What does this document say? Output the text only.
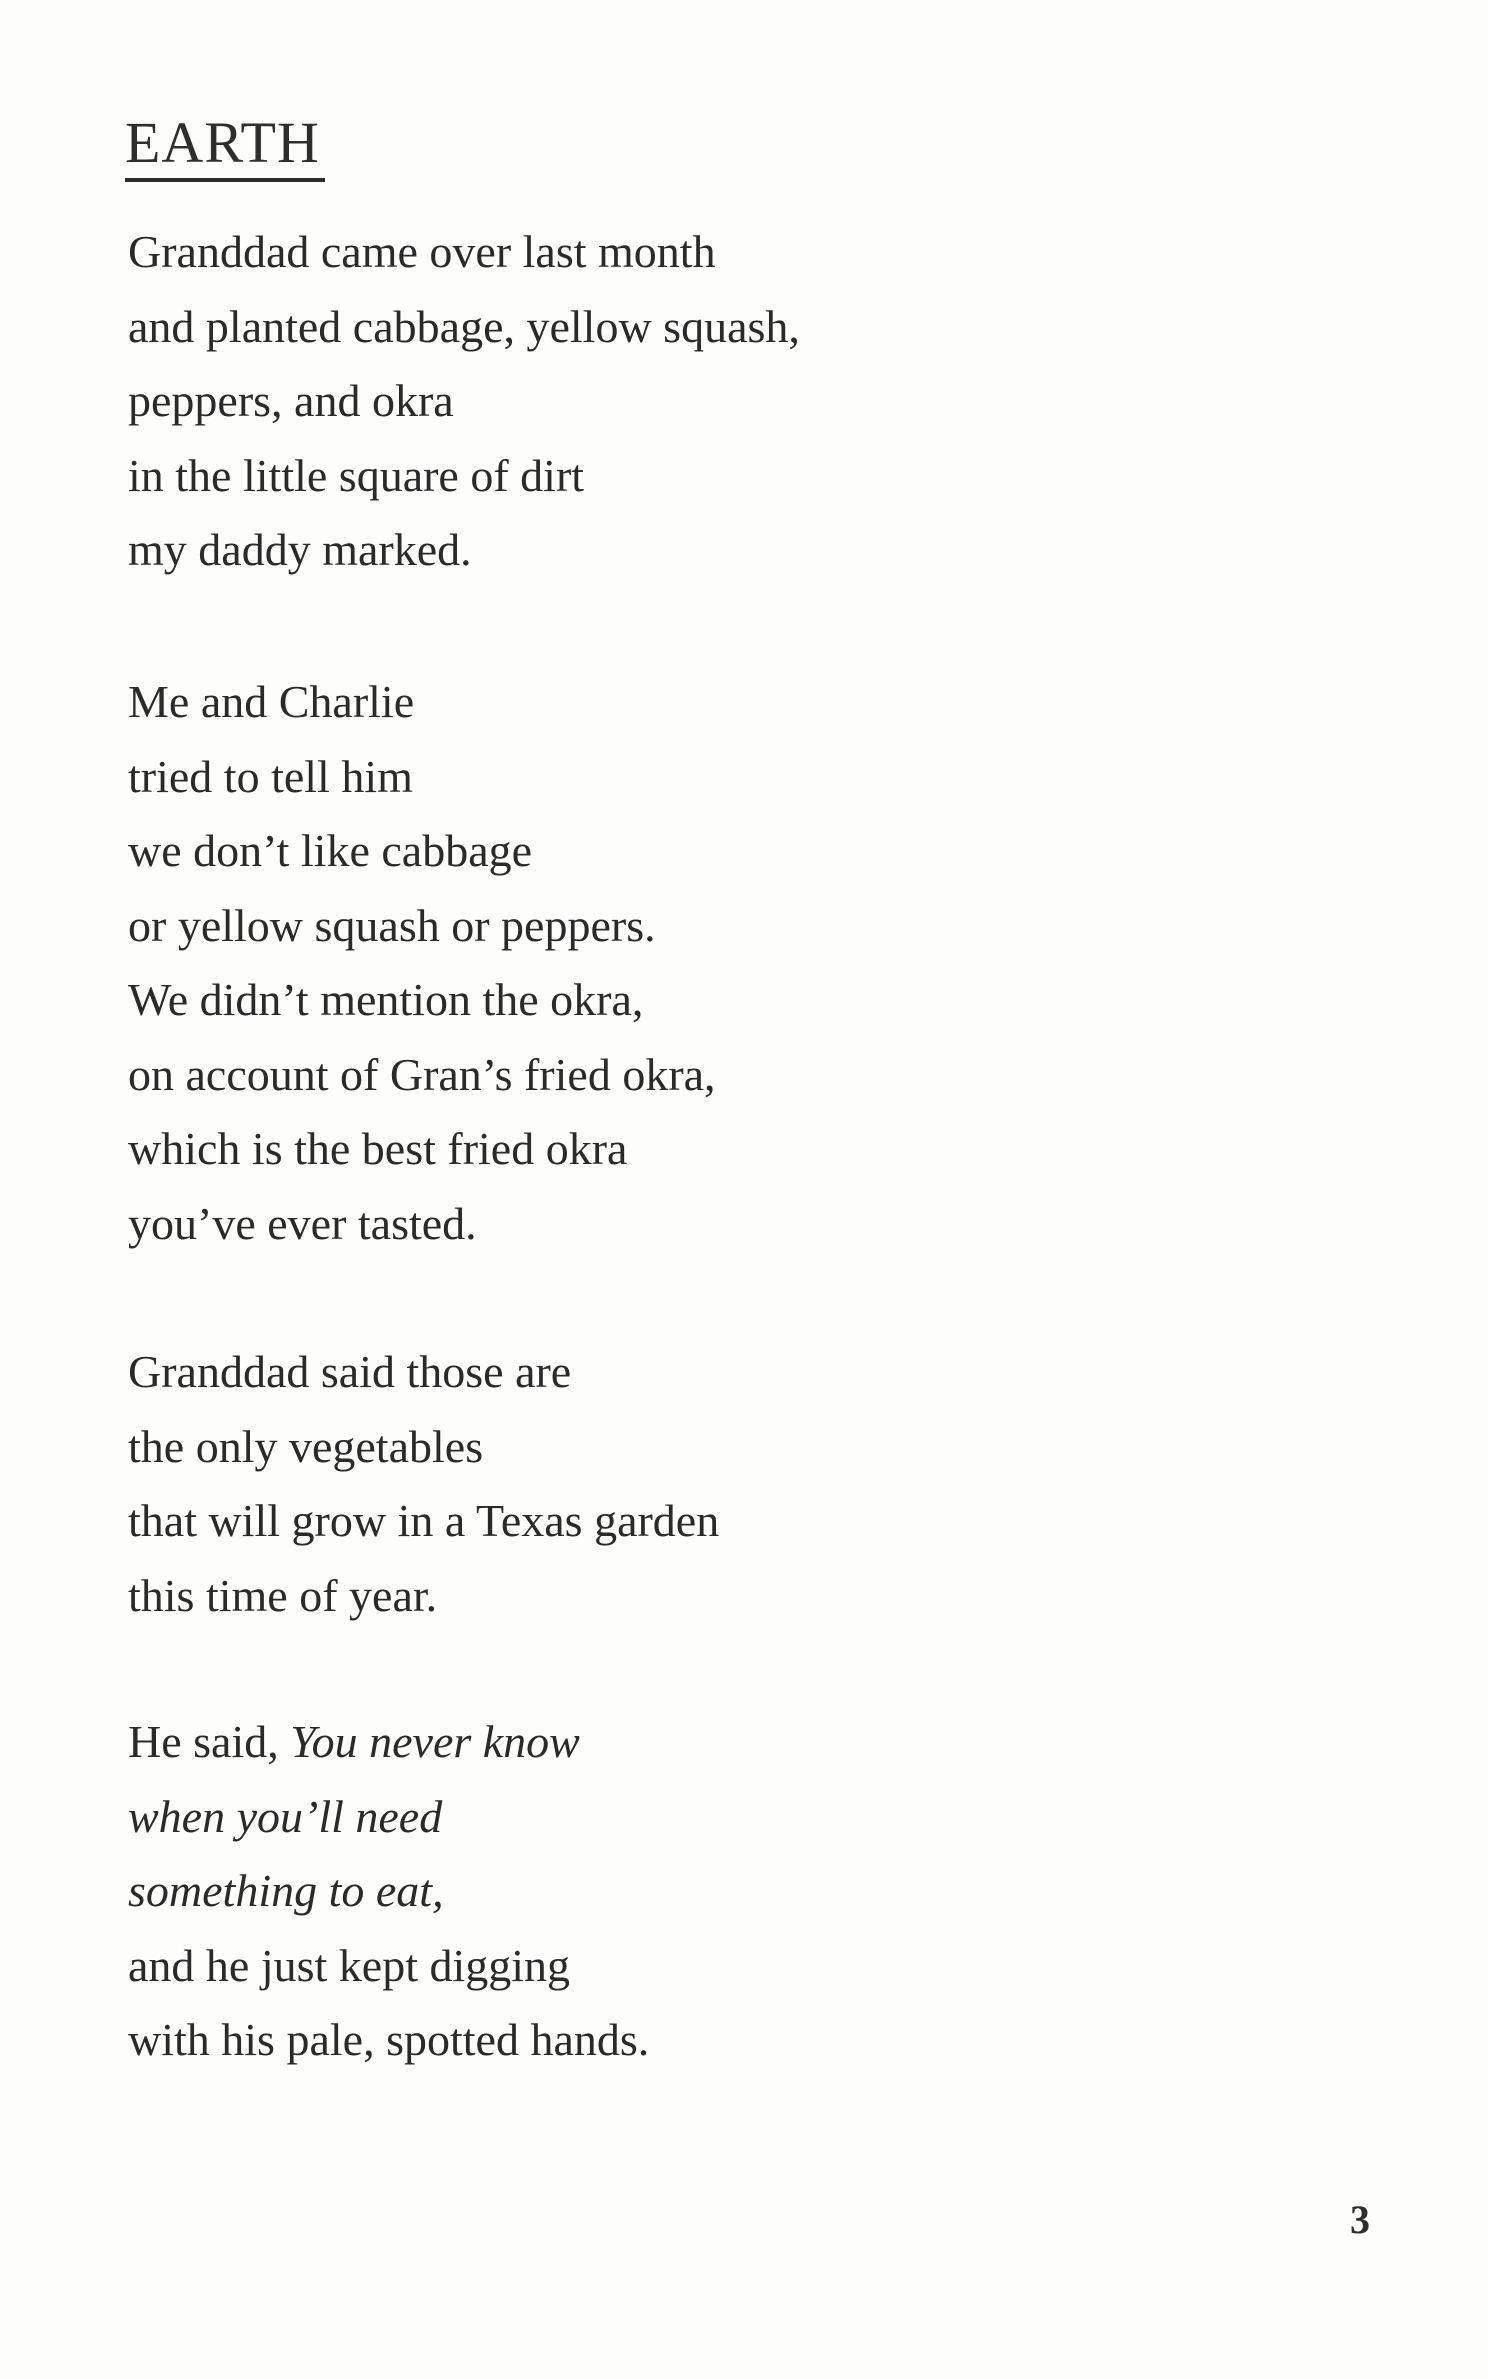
EARTH

Granddad came over last month
and planted cabbage, yellow squash,
peppers, and okra
in the little square of dirt
my daddy marked.

Me and Charlie
tried to tell him
we don’t like cabbage
or yellow squash or peppers.
We didn’t mention the okra,
on account of Gran’s fried okra,
which is the best fried okra
you’ve ever tasted.

Granddad said those are
the only vegetables
that will grow in a Texas garden
this time of year.

He said, You never know
when you’ll need
something to eat,
and he just kept digging
with his pale, spotted hands.

3
